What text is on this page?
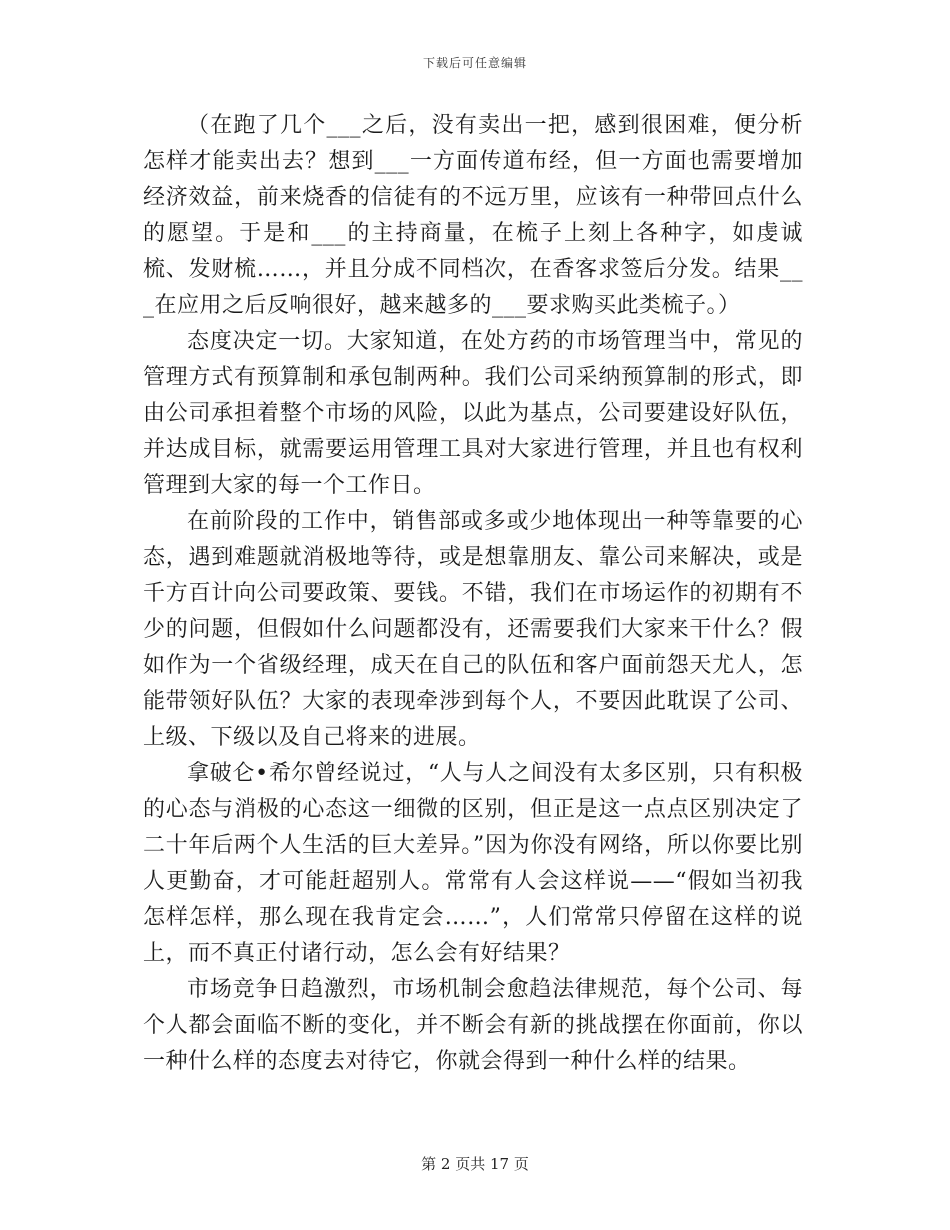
下载后可任意编辑

（在跑了几个___之后，没有卖出一把，感到很困难，便分析怎样才能卖出去？想到___一方面传道布经，但一方面也需要增加经济效益，前来烧香的信徒有的不远万里，应该有一种带回点什么的愿望。于是和___的主持商量，在梳子上刻上各种字，如虔诚梳、发财梳……，并且分成不同档次，在香客求签后分发。结果___在应用之后反响很好，越来越多的___要求购买此类梳子。）

态度决定一切。大家知道，在处方药的市场管理当中，常见的管理方式有预算制和承包制两种。我们公司采纳预算制的形式，即由公司承担着整个市场的风险，以此为基点，公司要建设好队伍，并达成目标，就需要运用管理工具对大家进行管理，并且也有权利管理到大家的每一个工作日。

在前阶段的工作中，销售部或多或少地体现出一种等靠要的心态，遇到难题就消极地等待，或是想靠朋友、靠公司来解决，或是千方百计向公司要政策、要钱。不错，我们在市场运作的初期有不少的问题，但假如什么问题都没有，还需要我们大家来干什么？假如作为一个省级经理，成天在自己的队伍和客户面前怨天尤人，怎能带领好队伍？大家的表现牵涉到每个人，不要因此耽误了公司、上级、下级以及自己将来的进展。

拿破仑•希尔曾经说过，“人与人之间没有太多区别，只有积极的心态与消极的心态这一细微的区别，但正是这一点点区别决定了二十年后两个人生活的巨大差异。”因为你没有网络，所以你要比别人更勤奋，才可能赶超别人。常常有人会这样说——“假如当初我怎样怎样，那么现在我肯定会……”，人们常常只停留在这样的说上，而不真正付诸行动，怎么会有好结果？

市场竞争日趋激烈，市场机制会愈趋法律规范，每个公司、每个人都会面临不断的变化，并不断会有新的挑战摆在你面前，你以一种什么样的态度去对待它，你就会得到一种什么样的结果。

第 2 页共 17 页
